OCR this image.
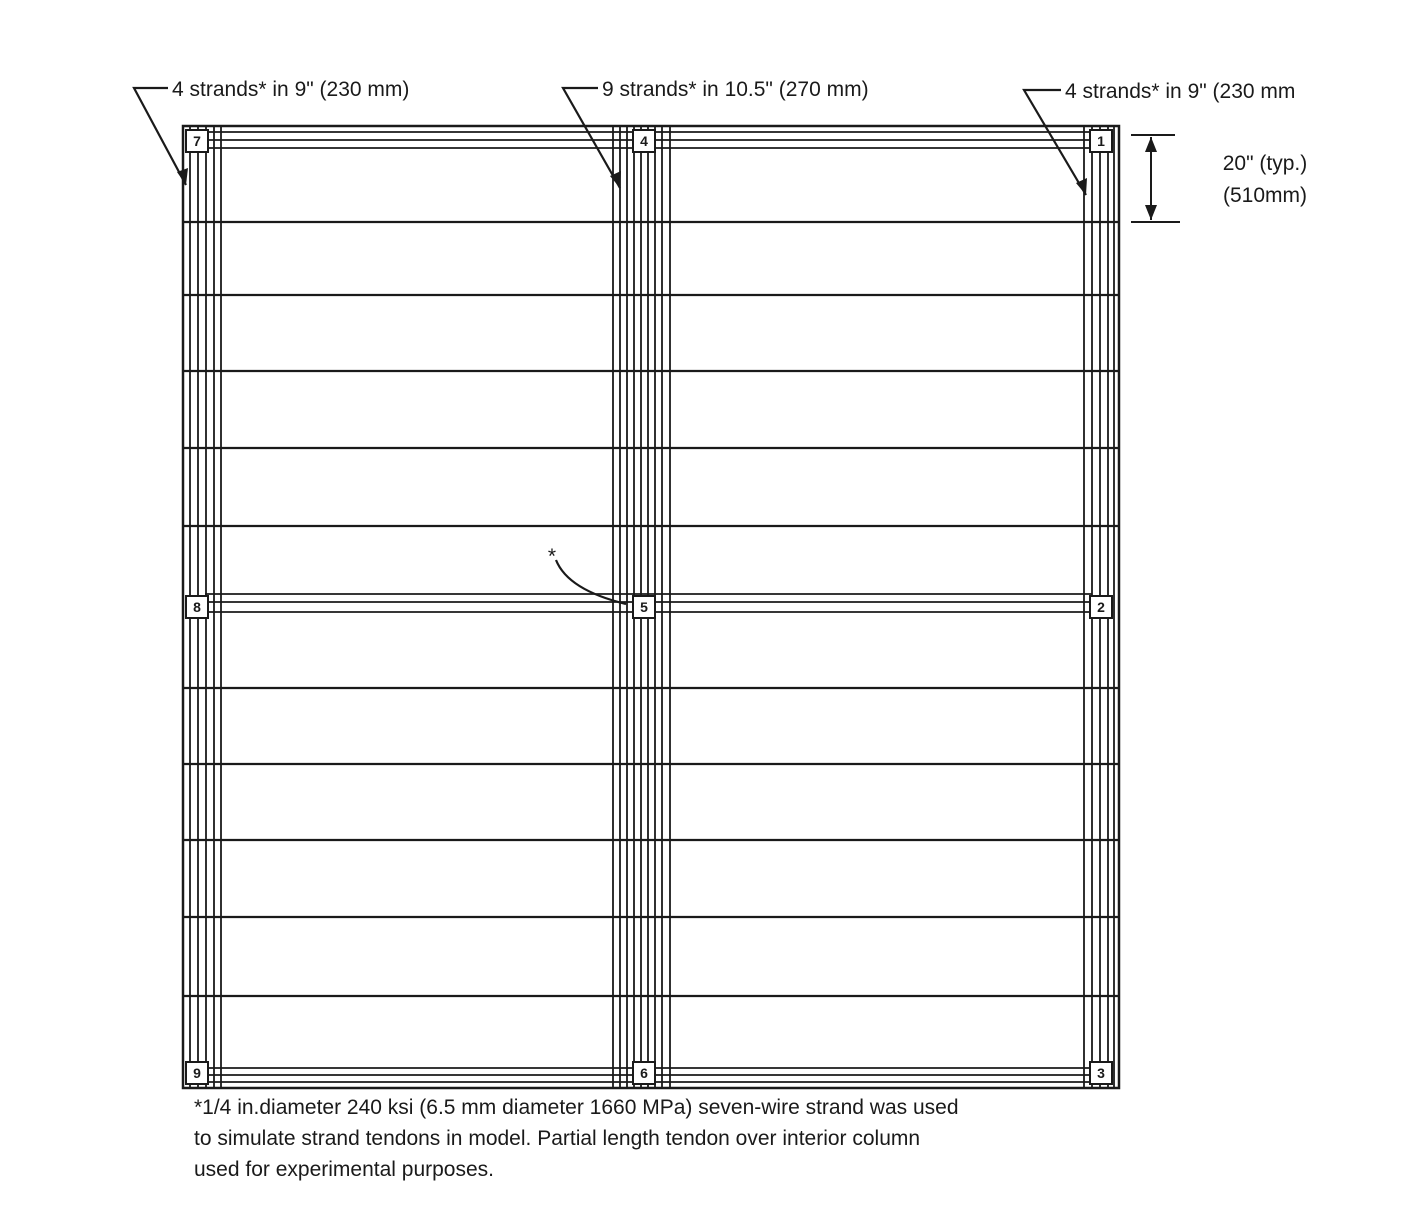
7	4	1
8	5	2
9	6	3
4 strands* in 9" (230 mm)	9 strands* in 10.5" (270 mm)	4 strands* in 9" (230 mm
20" (typ.)
(510mm)
*
*1/4 in.diameter 240 ksi (6.5 mm diameter 1660 MPa) seven-wire strand was used
to simulate strand tendons in model. Partial length tendon over interior column
used for experimental purposes.
